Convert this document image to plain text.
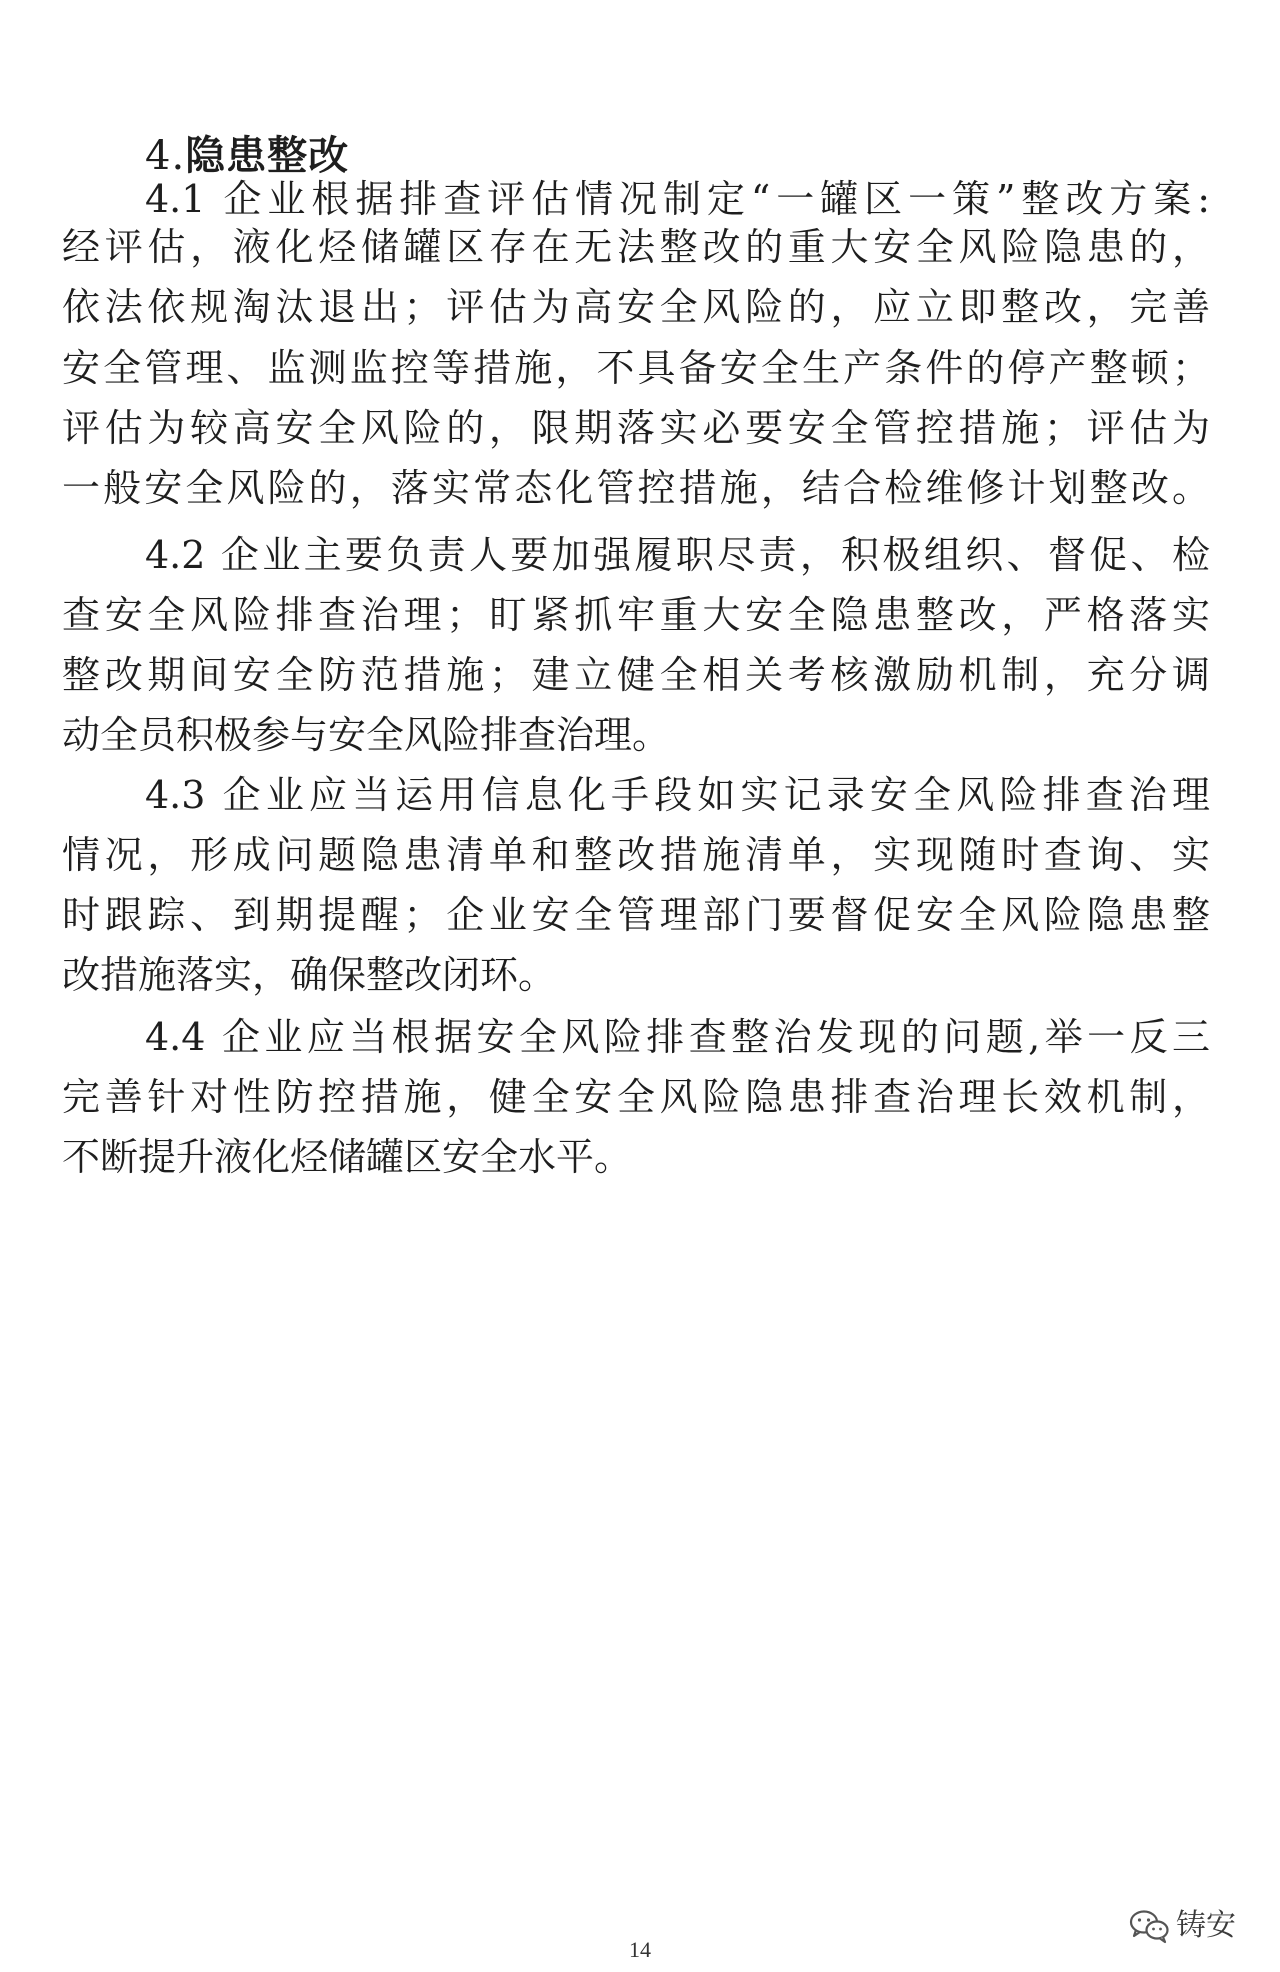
4.隐患整改
4.1 企业根据排查评估情况制定“一罐区一策”整改方案:
经评估，液化烃储罐区存在无法整改的重大安全风险隐患的，
依法依规淘汰退出；评估为高安全风险的，应立即整改，完善
安全管理、监测监控等措施，不具备安全生产条件的停产整顿；
评估为较高安全风险的，限期落实必要安全管控措施；评估为
一般安全风险的，落实常态化管控措施，结合检维修计划整改。
4.2 企业主要负责人要加强履职尽责，积极组织、督促、检
查安全风险排查治理；盯紧抓牢重大安全隐患整改，严格落实
整改期间安全防范措施；建立健全相关考核激励机制，充分调
动全员积极参与安全风险排查治理。
4.3 企业应当运用信息化手段如实记录安全风险排查治理
情况，形成问题隐患清单和整改措施清单，实现随时查询、实
时跟踪、到期提醒；企业安全管理部门要督促安全风险隐患整
改措施落实，确保整改闭环。
4.4 企业应当根据安全风险排查整治发现的问题,举一反三
完善针对性防控措施，健全安全风险隐患排查治理长效机制，
不断提升液化烃储罐区安全水平。
铸安
14
